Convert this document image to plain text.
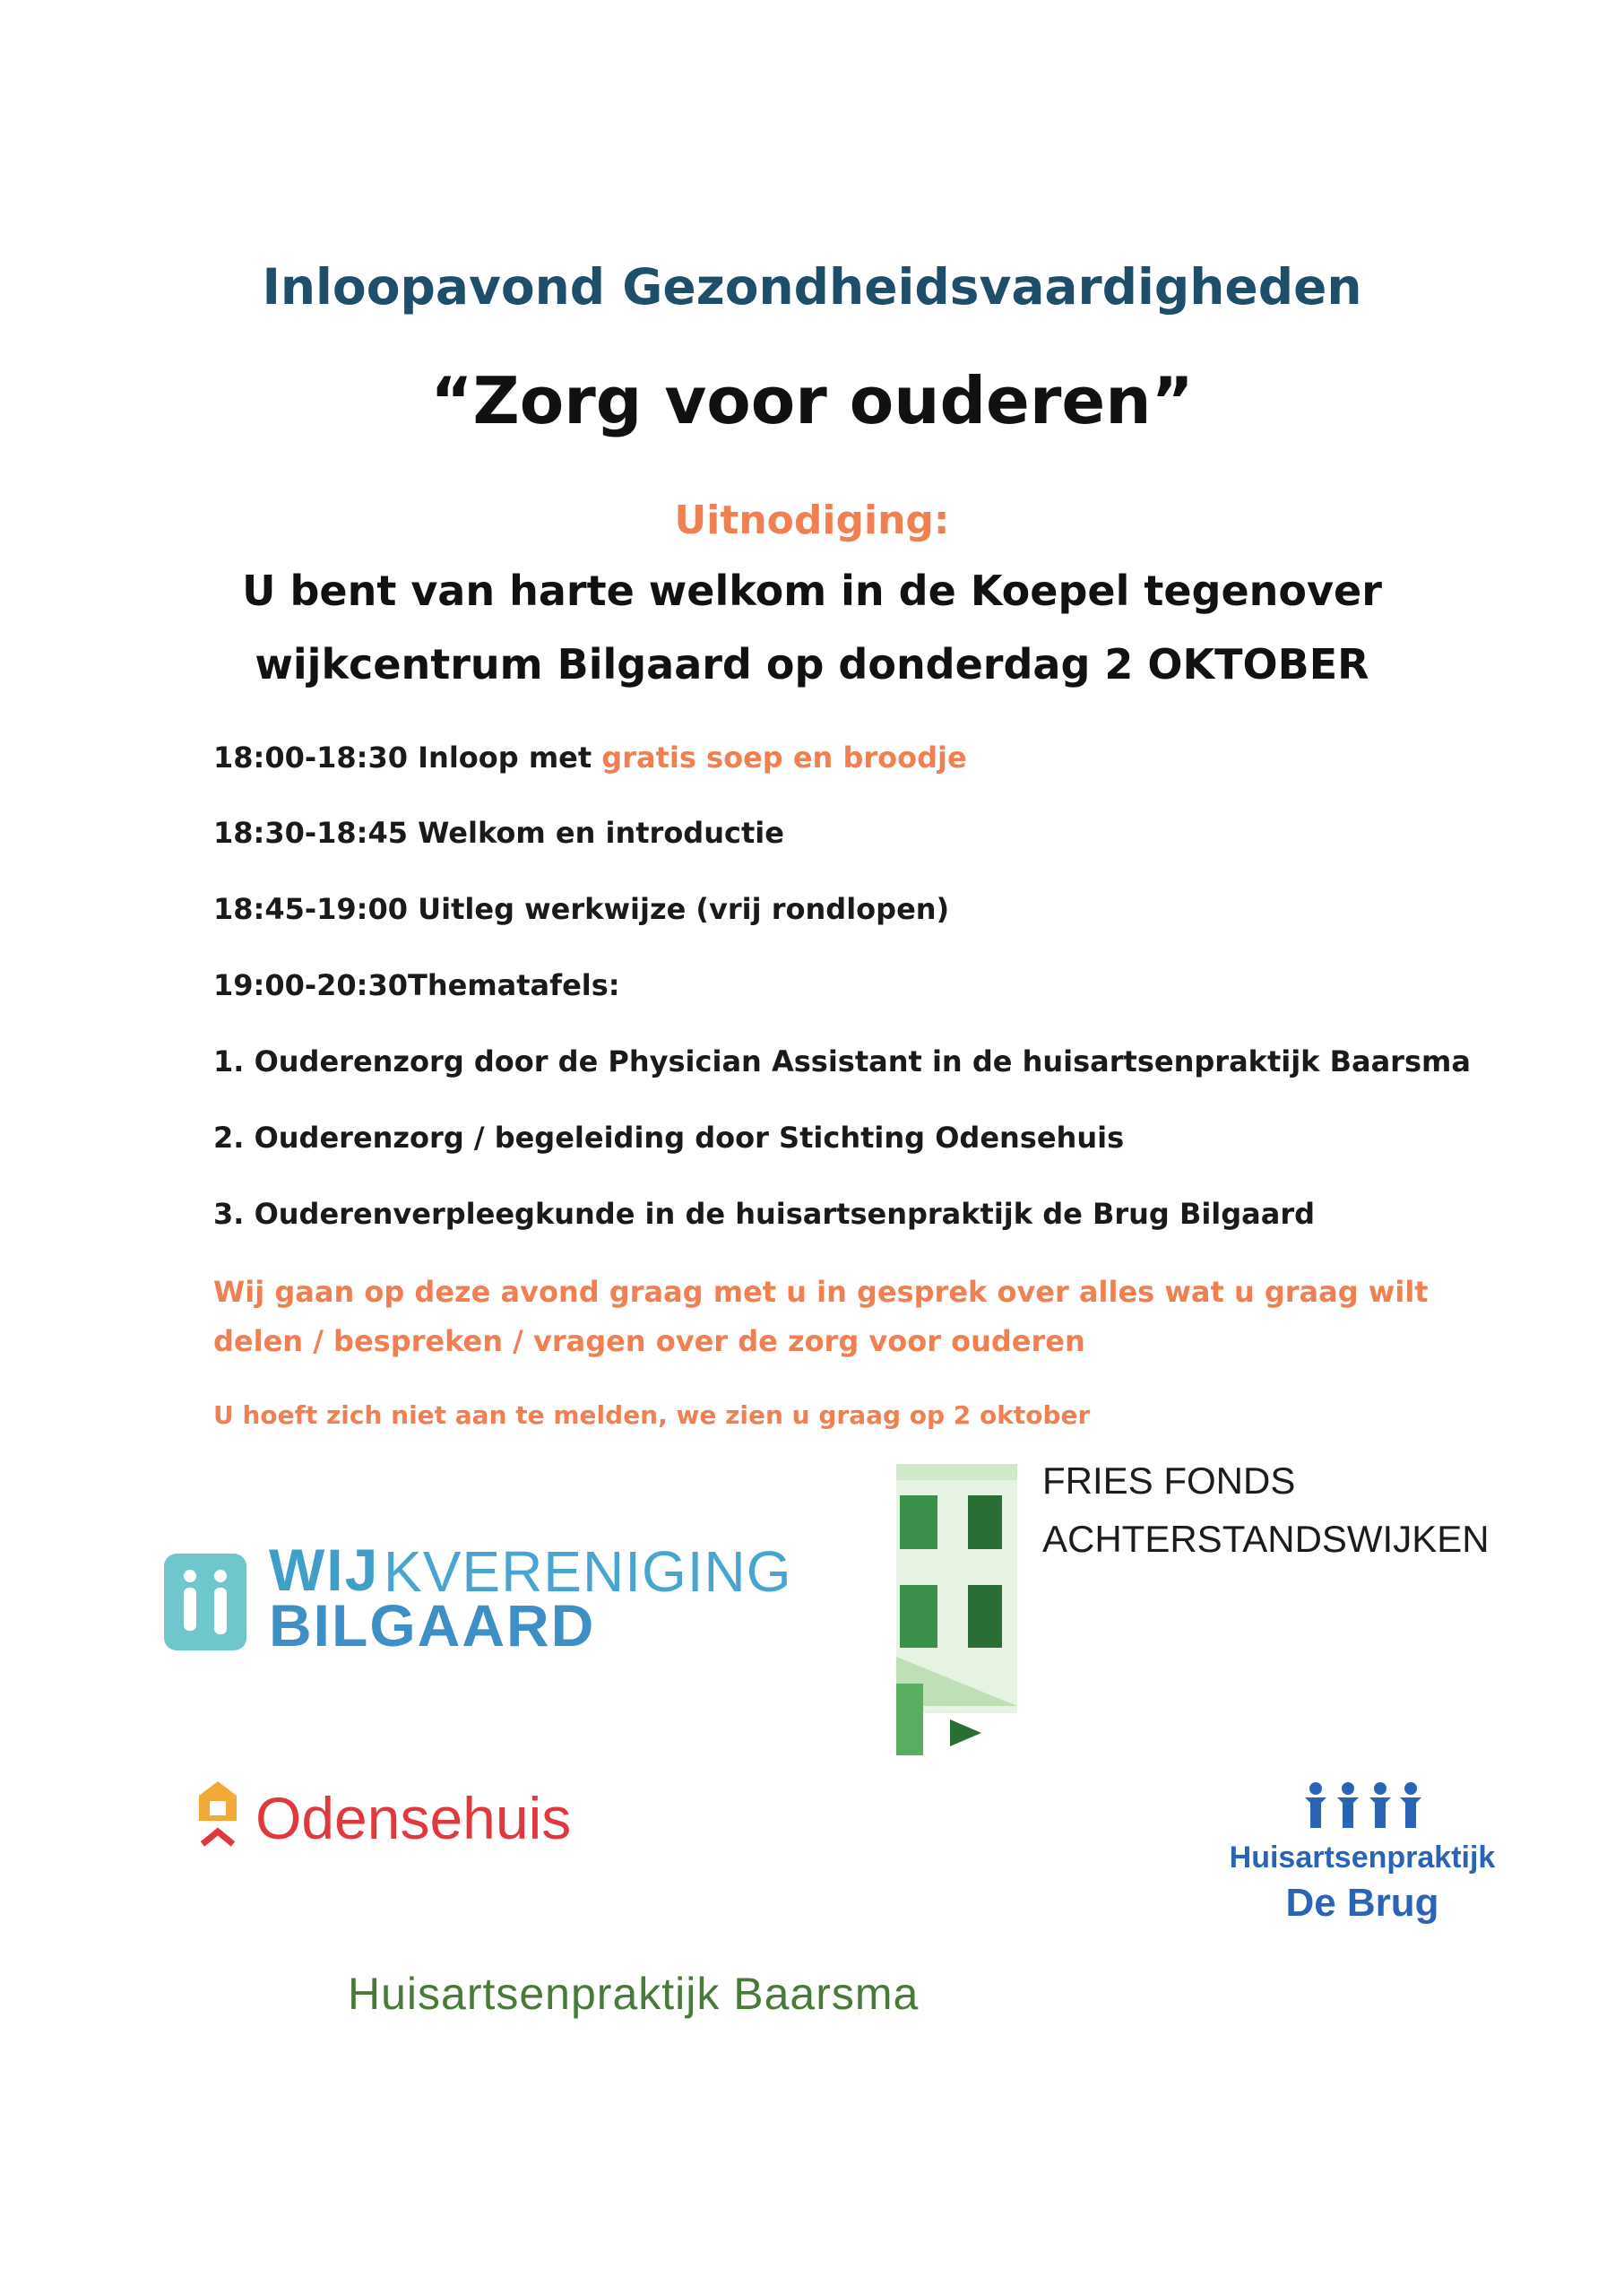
Inloopavond Gezondheidsvaardigheden
“Zorg voor ouderen”
Uitnodiging:
U bent van harte welkom in de Koepel tegenover
wijkcentrum Bilgaard op donderdag 2 OKTOBER
18:00-18:30 Inloop met gratis soep en broodje
18:30-18:45 Welkom en introductie
18:45-19:00 Uitleg werkwijze (vrij rondlopen)
19:00-20:30Thematafels:
1. Ouderenzorg door de Physician Assistant in de huisartsenpraktijk Baarsma
2. Ouderenzorg / begeleiding door Stichting Odensehuis
3. Ouderenverpleegkunde in de huisartsenpraktijk de Brug Bilgaard
Wij gaan op deze avond graag met u in gesprek over alles wat u graag wilt
delen / bespreken / vragen over de zorg voor ouderen
U hoeft zich niet aan te melden, we zien u graag op 2 oktober
WIJ KVERENIGING
BILGAARD
FRIES FONDS
ACHTERSTANDSWIJKEN
Odensehuis
Huisartsenpraktijk
De Brug
Huisartsenpraktijk Baarsma
